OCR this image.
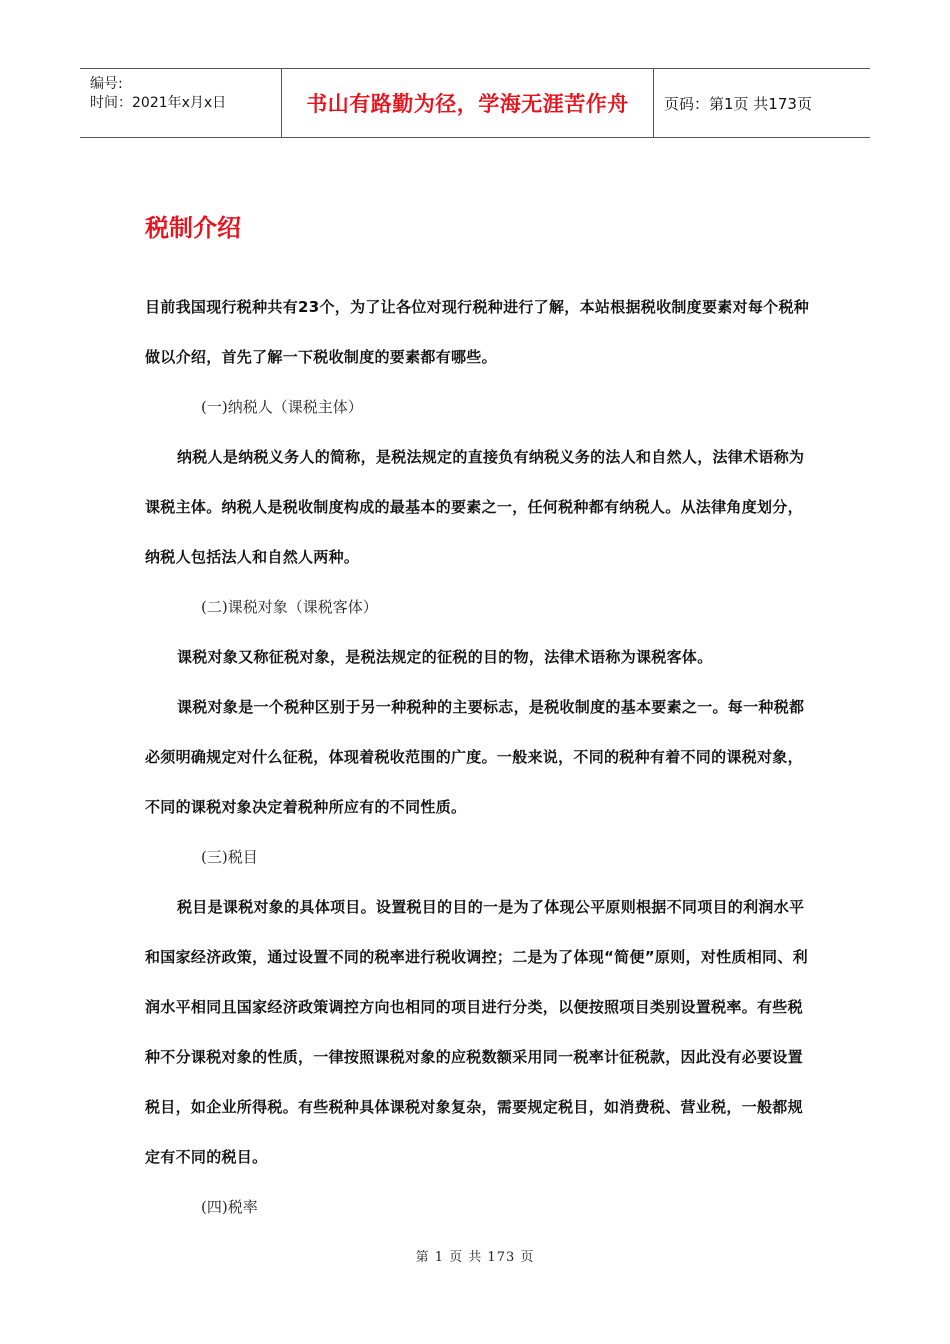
编号:
时间：2021年x月x日	书山有路勤为径，学海无涯苦作舟	页码：第1页 共173页
税制介绍

目前我国现行税种共有23个，为了让各位对现行税种进行了解，本站根据税收制度要素对每个税种做以介绍，首先了解一下税收制度的要素都有哪些。

(一)纳税人（课税主体）

纳税人是纳税义务人的简称，是税法规定的直接负有纳税义务的法人和自然人，法律术语称为课税主体。纳税人是税收制度构成的最基本的要素之一，任何税种都有纳税人。从法律角度划分，纳税人包括法人和自然人两种。

(二)课税对象（课税客体）

课税对象又称征税对象，是税法规定的征税的目的物，法律术语称为课税客体。

课税对象是一个税种区别于另一种税种的主要标志，是税收制度的基本要素之一。每一种税都必须明确规定对什么征税，体现着税收范围的广度。一般来说，不同的税种有着不同的课税对象，不同的课税对象决定着税种所应有的不同性质。

(三)税目

税目是课税对象的具体项目。设置税目的目的一是为了体现公平原则根据不同项目的利润水平和国家经济政策，通过设置不同的税率进行税收调控；二是为了体现“简便”原则，对性质相同、利润水平相同且国家经济政策调控方向也相同的项目进行分类，以便按照项目类别设置税率。有些税种不分课税对象的性质，一律按照课税对象的应税数额采用同一税率计征税款，因此没有必要设置税目，如企业所得税。有些税种具体课税对象复杂，需要规定税目，如消费税、营业税，一般都规定有不同的税目。

(四)税率

第 1 页 共 173 页
